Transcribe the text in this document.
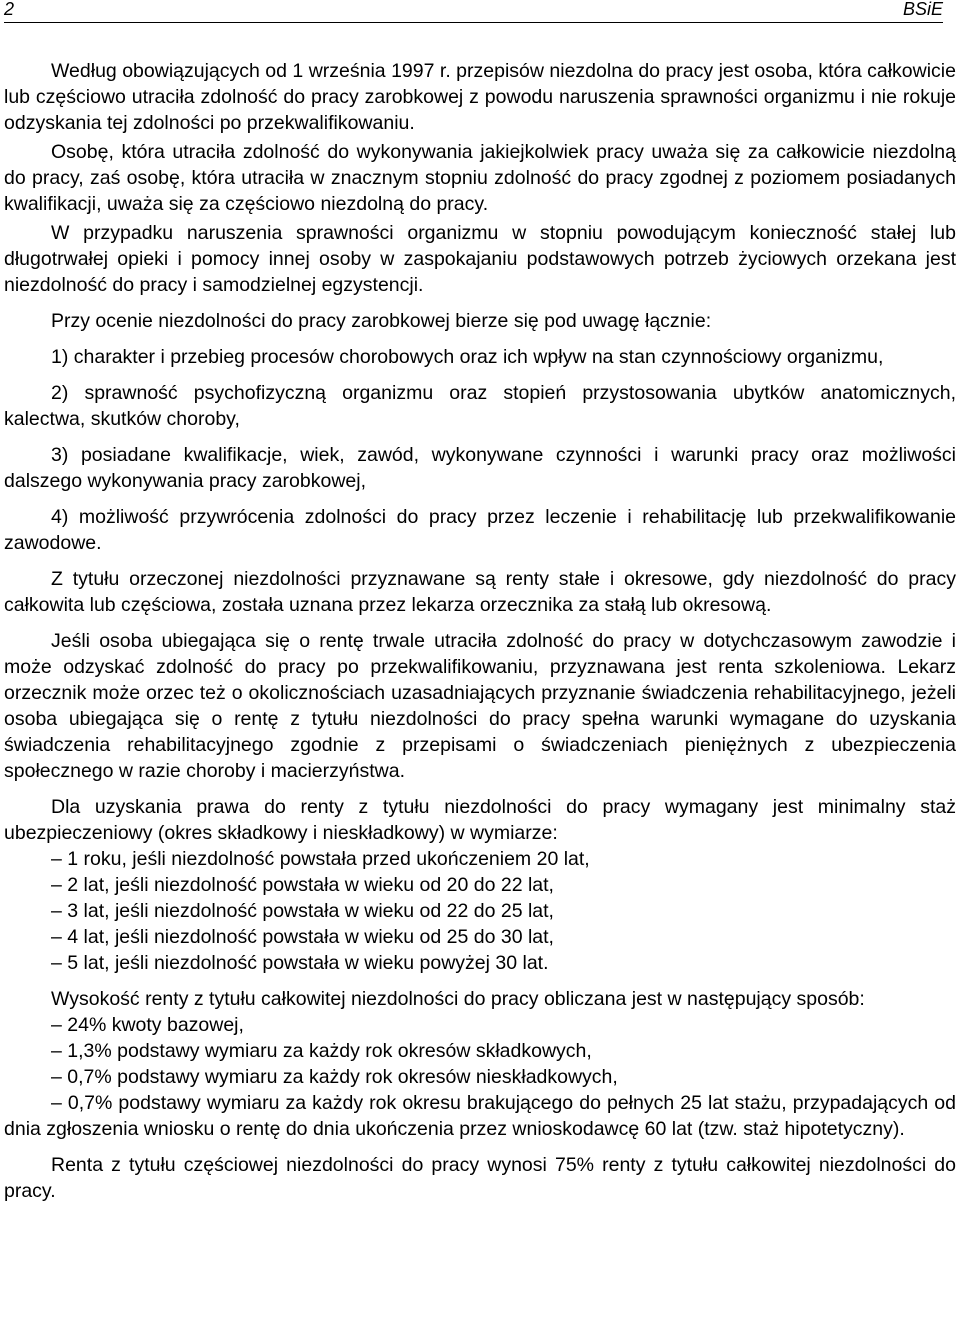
2	BSiE

Według obowiązujących od 1 września 1997 r. przepisów niezdolna do pracy jest osoba, która całkowicie lub częściowo utraciła zdolność do pracy zarobkowej z powodu naruszenia sprawności organizmu i nie rokuje odzyskania tej zdolności po przekwalifikowaniu.

Osobę, która utraciła zdolność do wykonywania jakiejkolwiek pracy uważa się za całkowicie niezdolną do pracy, zaś osobę, która utraciła w znacznym stopniu zdolność do pracy zgodnej z poziomem posiadanych kwalifikacji, uważa się za częściowo niezdolną do pracy.

W przypadku naruszenia sprawności organizmu w stopniu powodującym konieczność stałej lub długotrwałej opieki i pomocy innej osoby w zaspokajaniu podstawowych potrzeb życiowych orzekana jest niezdolność do pracy i samodzielnej egzystencji.

Przy ocenie niezdolności do pracy zarobkowej bierze się pod uwagę łącznie:

1) charakter i przebieg procesów chorobowych oraz ich wpływ na stan czynnościowy organizmu,

2) sprawność psychofizyczną organizmu oraz stopień przystosowania ubytków anatomicznych, kalectwa, skutków choroby,

3) posiadane kwalifikacje, wiek, zawód, wykonywane czynności i warunki pracy oraz możliwości dalszego wykonywania pracy zarobkowej,

4) możliwość przywrócenia zdolności do pracy przez leczenie i rehabilitację lub przekwalifikowanie zawodowe.

Z tytułu orzeczonej niezdolności przyznawane są renty stałe i okresowe, gdy niezdolność do pracy całkowita lub częściowa, została uznana przez lekarza orzecznika za stałą lub okresową.

Jeśli osoba ubiegająca się o rentę trwale utraciła zdolność do pracy w dotychczasowym zawodzie i może odzyskać zdolność do pracy po przekwalifikowaniu, przyznawana jest renta szkoleniowa. Lekarz orzecznik może orzec też o okolicznościach uzasadniających przyznanie świadczenia rehabilitacyjnego, jeżeli osoba ubiegająca się o rentę z tytułu niezdolności do pracy spełna warunki wymagane do uzyskania świadczenia rehabilitacyjnego zgodnie z przepisami o świadczeniach pieniężnych z ubezpieczenia społecznego w razie choroby i macierzyństwa.

Dla uzyskania prawa do renty z tytułu niezdolności do pracy wymagany jest minimalny staż ubezpieczeniowy (okres składkowy i nieskładkowy) w wymiarze:

– 1 roku, jeśli niezdolność powstała przed ukończeniem 20 lat,
– 2 lat, jeśli niezdolność powstała w wieku od 20 do 22 lat,
– 3 lat, jeśli niezdolność powstała w wieku od 22 do 25 lat,
– 4 lat, jeśli niezdolność powstała w wieku od 25 do 30 lat,
– 5 lat, jeśli niezdolność powstała w wieku powyżej 30 lat.

Wysokość renty z tytułu całkowitej niezdolności do pracy obliczana jest w następujący sposób:

– 24% kwoty bazowej,
– 1,3% podstawy wymiaru za każdy rok okresów składkowych,
– 0,7% podstawy wymiaru za każdy rok okresów nieskładkowych,
– 0,7% podstawy wymiaru za każdy rok okresu brakującego do pełnych 25 lat stażu, przypadających od dnia zgłoszenia wniosku o rentę do dnia ukończenia przez wnioskodawcę 60 lat (tzw. staż hipotetyczny).

Renta z tytułu częściowej niezdolności do pracy wynosi 75% renty z tytułu całkowitej niezdolności do pracy.
